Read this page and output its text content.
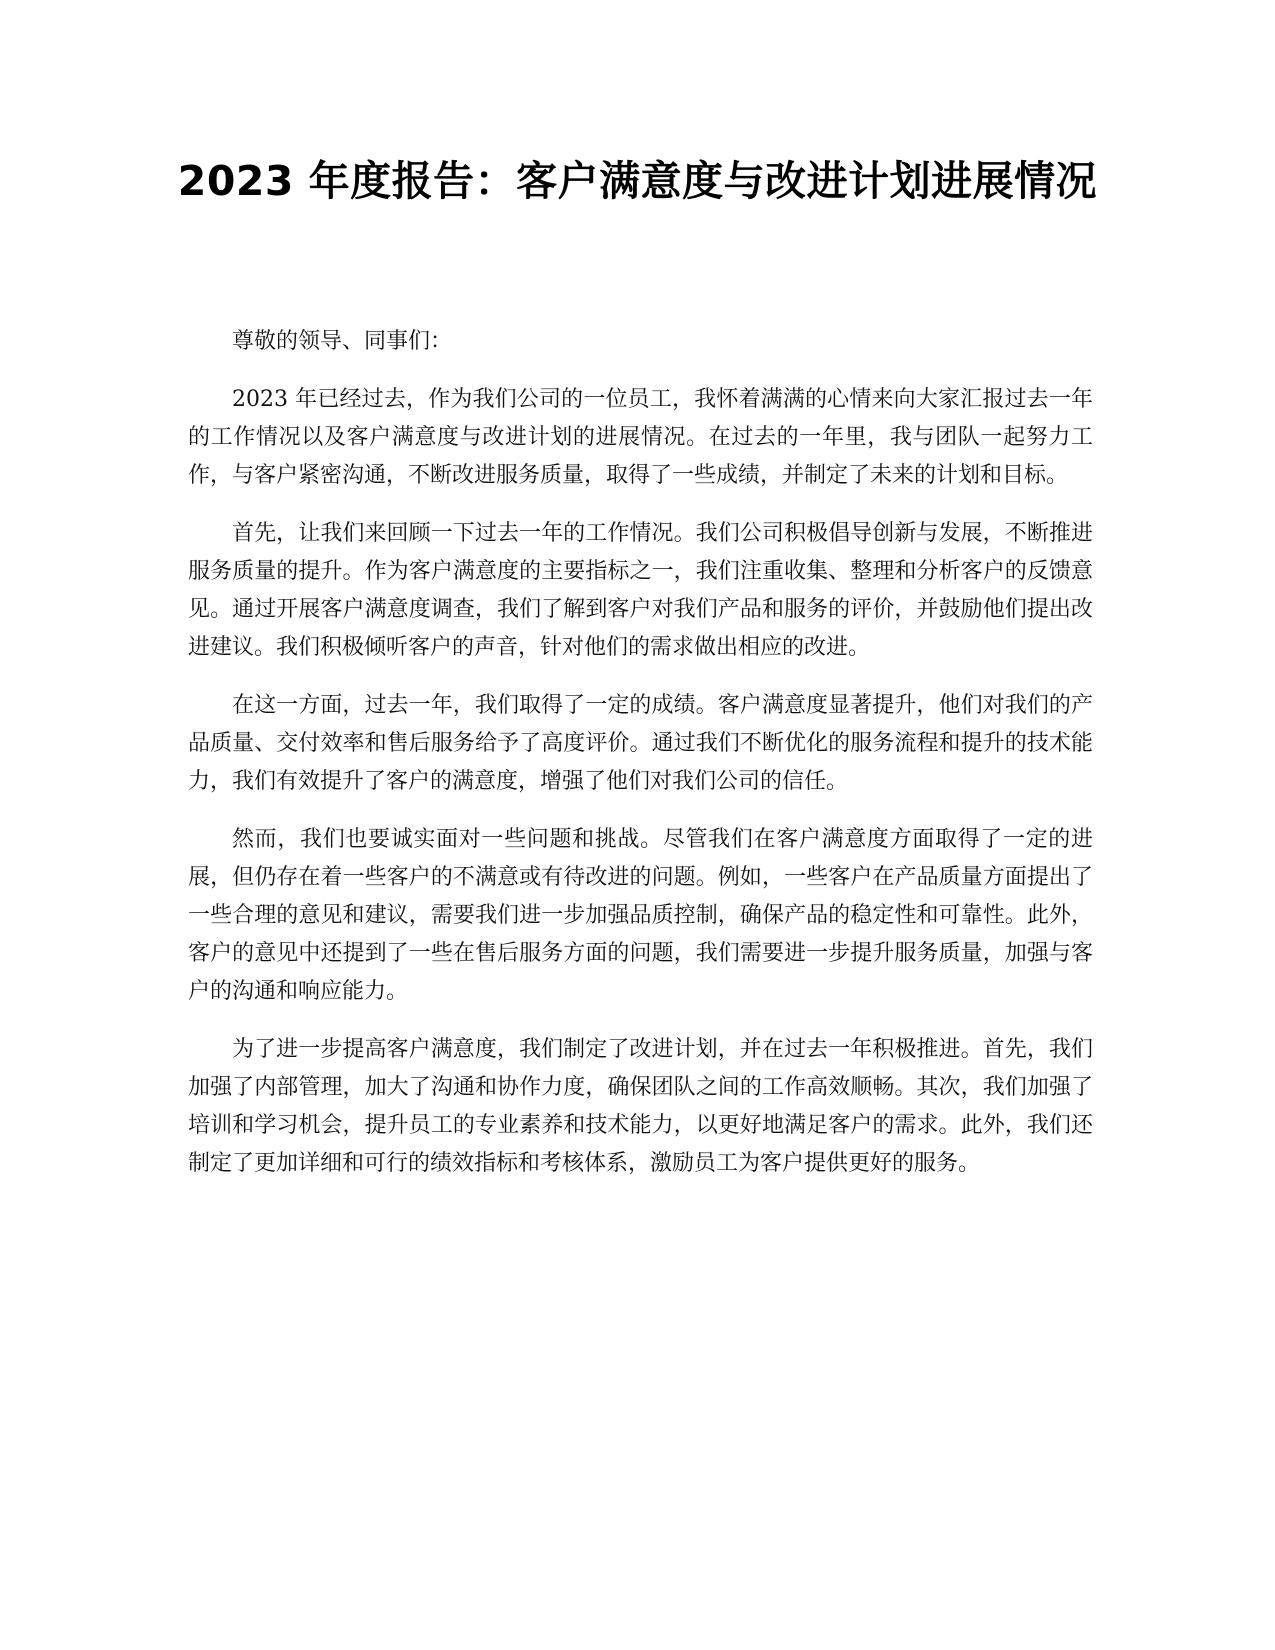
2023 年度报告：客户满意度与改进计划进展情况

尊敬的领导、同事们：

2023 年已经过去，作为我们公司的一位员工，我怀着满满的心情来向大家汇报过去一年的工作情况以及客户满意度与改进计划的进展情况。在过去的一年里，我与团队一起努力工作，与客户紧密沟通，不断改进服务质量，取得了一些成绩，并制定了未来的计划和目标。

首先，让我们来回顾一下过去一年的工作情况。我们公司积极倡导创新与发展，不断推进服务质量的提升。作为客户满意度的主要指标之一，我们注重收集、整理和分析客户的反馈意见。通过开展客户满意度调查，我们了解到客户对我们产品和服务的评价，并鼓励他们提出改进建议。我们积极倾听客户的声音，针对他们的需求做出相应的改进。

在这一方面，过去一年，我们取得了一定的成绩。客户满意度显著提升，他们对我们的产品质量、交付效率和售后服务给予了高度评价。通过我们不断优化的服务流程和提升的技术能力，我们有效提升了客户的满意度，增强了他们对我们公司的信任。

然而，我们也要诚实面对一些问题和挑战。尽管我们在客户满意度方面取得了一定的进展，但仍存在着一些客户的不满意或有待改进的问题。例如，一些客户在产品质量方面提出了一些合理的意见和建议，需要我们进一步加强品质控制，确保产品的稳定性和可靠性。此外，客户的意见中还提到了一些在售后服务方面的问题，我们需要进一步提升服务质量，加强与客户的沟通和响应能力。

为了进一步提高客户满意度，我们制定了改进计划，并在过去一年积极推进。首先，我们加强了内部管理，加大了沟通和协作力度，确保团队之间的工作高效顺畅。其次，我们加强了培训和学习机会，提升员工的专业素养和技术能力，以更好地满足客户的需求。此外，我们还制定了更加详细和可行的绩效指标和考核体系，激励员工为客户提供更好的服务。
